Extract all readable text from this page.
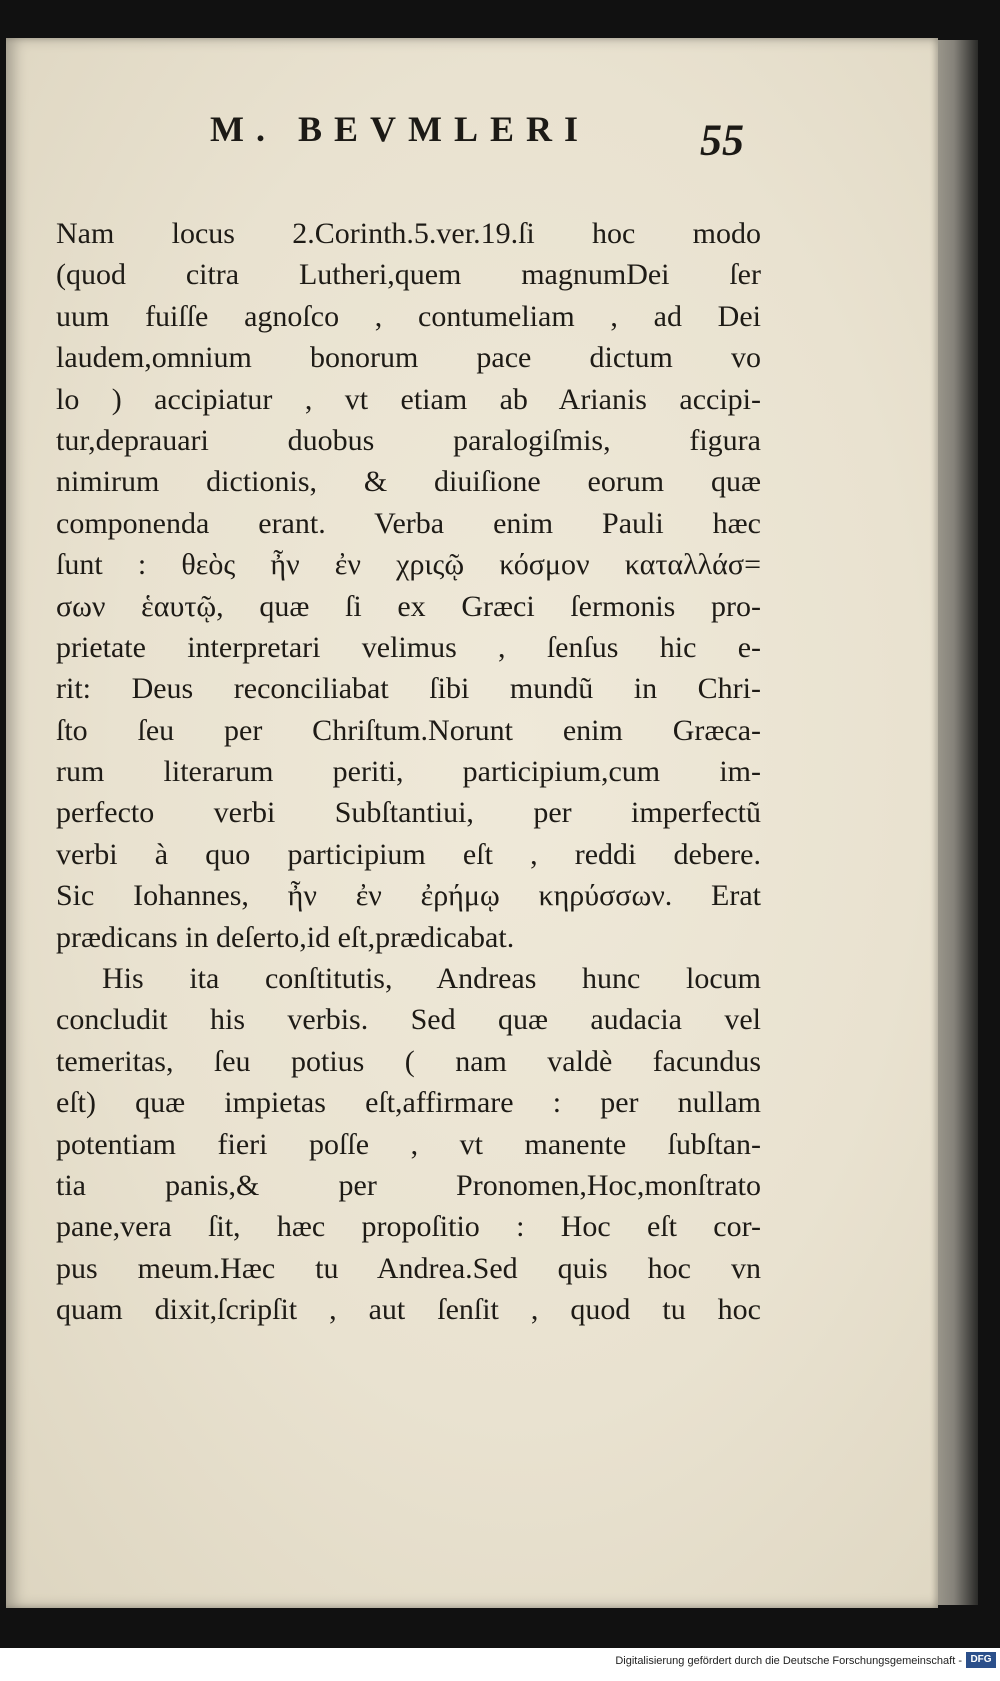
M. BEVMLERI	55
Nam locus 2.Corinth.5.ver.19.ſi hoc modo
(quod citra Lutheri,quem magnumDei ſer
uum fuiſſe agnoſco , contumeliam , ad Dei
laudem,omnium bonorum pace dictum vo
lo ) accipiatur , vt etiam ab Arianis accipi-
tur,deprauari duobus paralogiſmis, figura
nimirum dictionis, & diuiſione eorum quæ
componenda erant. Verba enim Pauli hæc
ſunt : θεὸς ἦν ἐν χριςῷ κόσμον καταλλάσ=
σων ἑαυτῷ, quæ ſi ex Græci ſermonis pro-
prietate interpretari velimus , ſenſus hic e-
rit: Deus reconciliabat ſibi mundũ in Chri-
ſto ſeu per Chriſtum.Norunt enim Græca-
rum literarum periti, participium,cum im-
perfecto verbi Subſtantiui, per imperfectũ
verbi à quo participium eſt , reddi debere.
Sic Iohannes, ἦν ἐν ἐρήμῳ κηρύσσων. Erat
prædicans in deſerto,id eſt,prædicabat.
His ita conſtitutis, Andreas hunc locum
concludit his verbis. Sed quæ audacia vel
temeritas, ſeu potius ( nam valdè facundus
eſt) quæ impietas eſt,affirmare : per nullam
potentiam fieri poſſe , vt manente ſubſtan-
tia panis,& per Pronomen,Hoc,monſtrato
pane,vera ſit, hæc propoſitio : Hoc eſt cor-
pus meum.Hæc tu Andrea.Sed quis hoc vn
quam dixit,ſcripſit , aut ſenſit , quod tu hoc
Digitalisierung gefördert durch die Deutsche Forschungsgemeinschaft - DFG
